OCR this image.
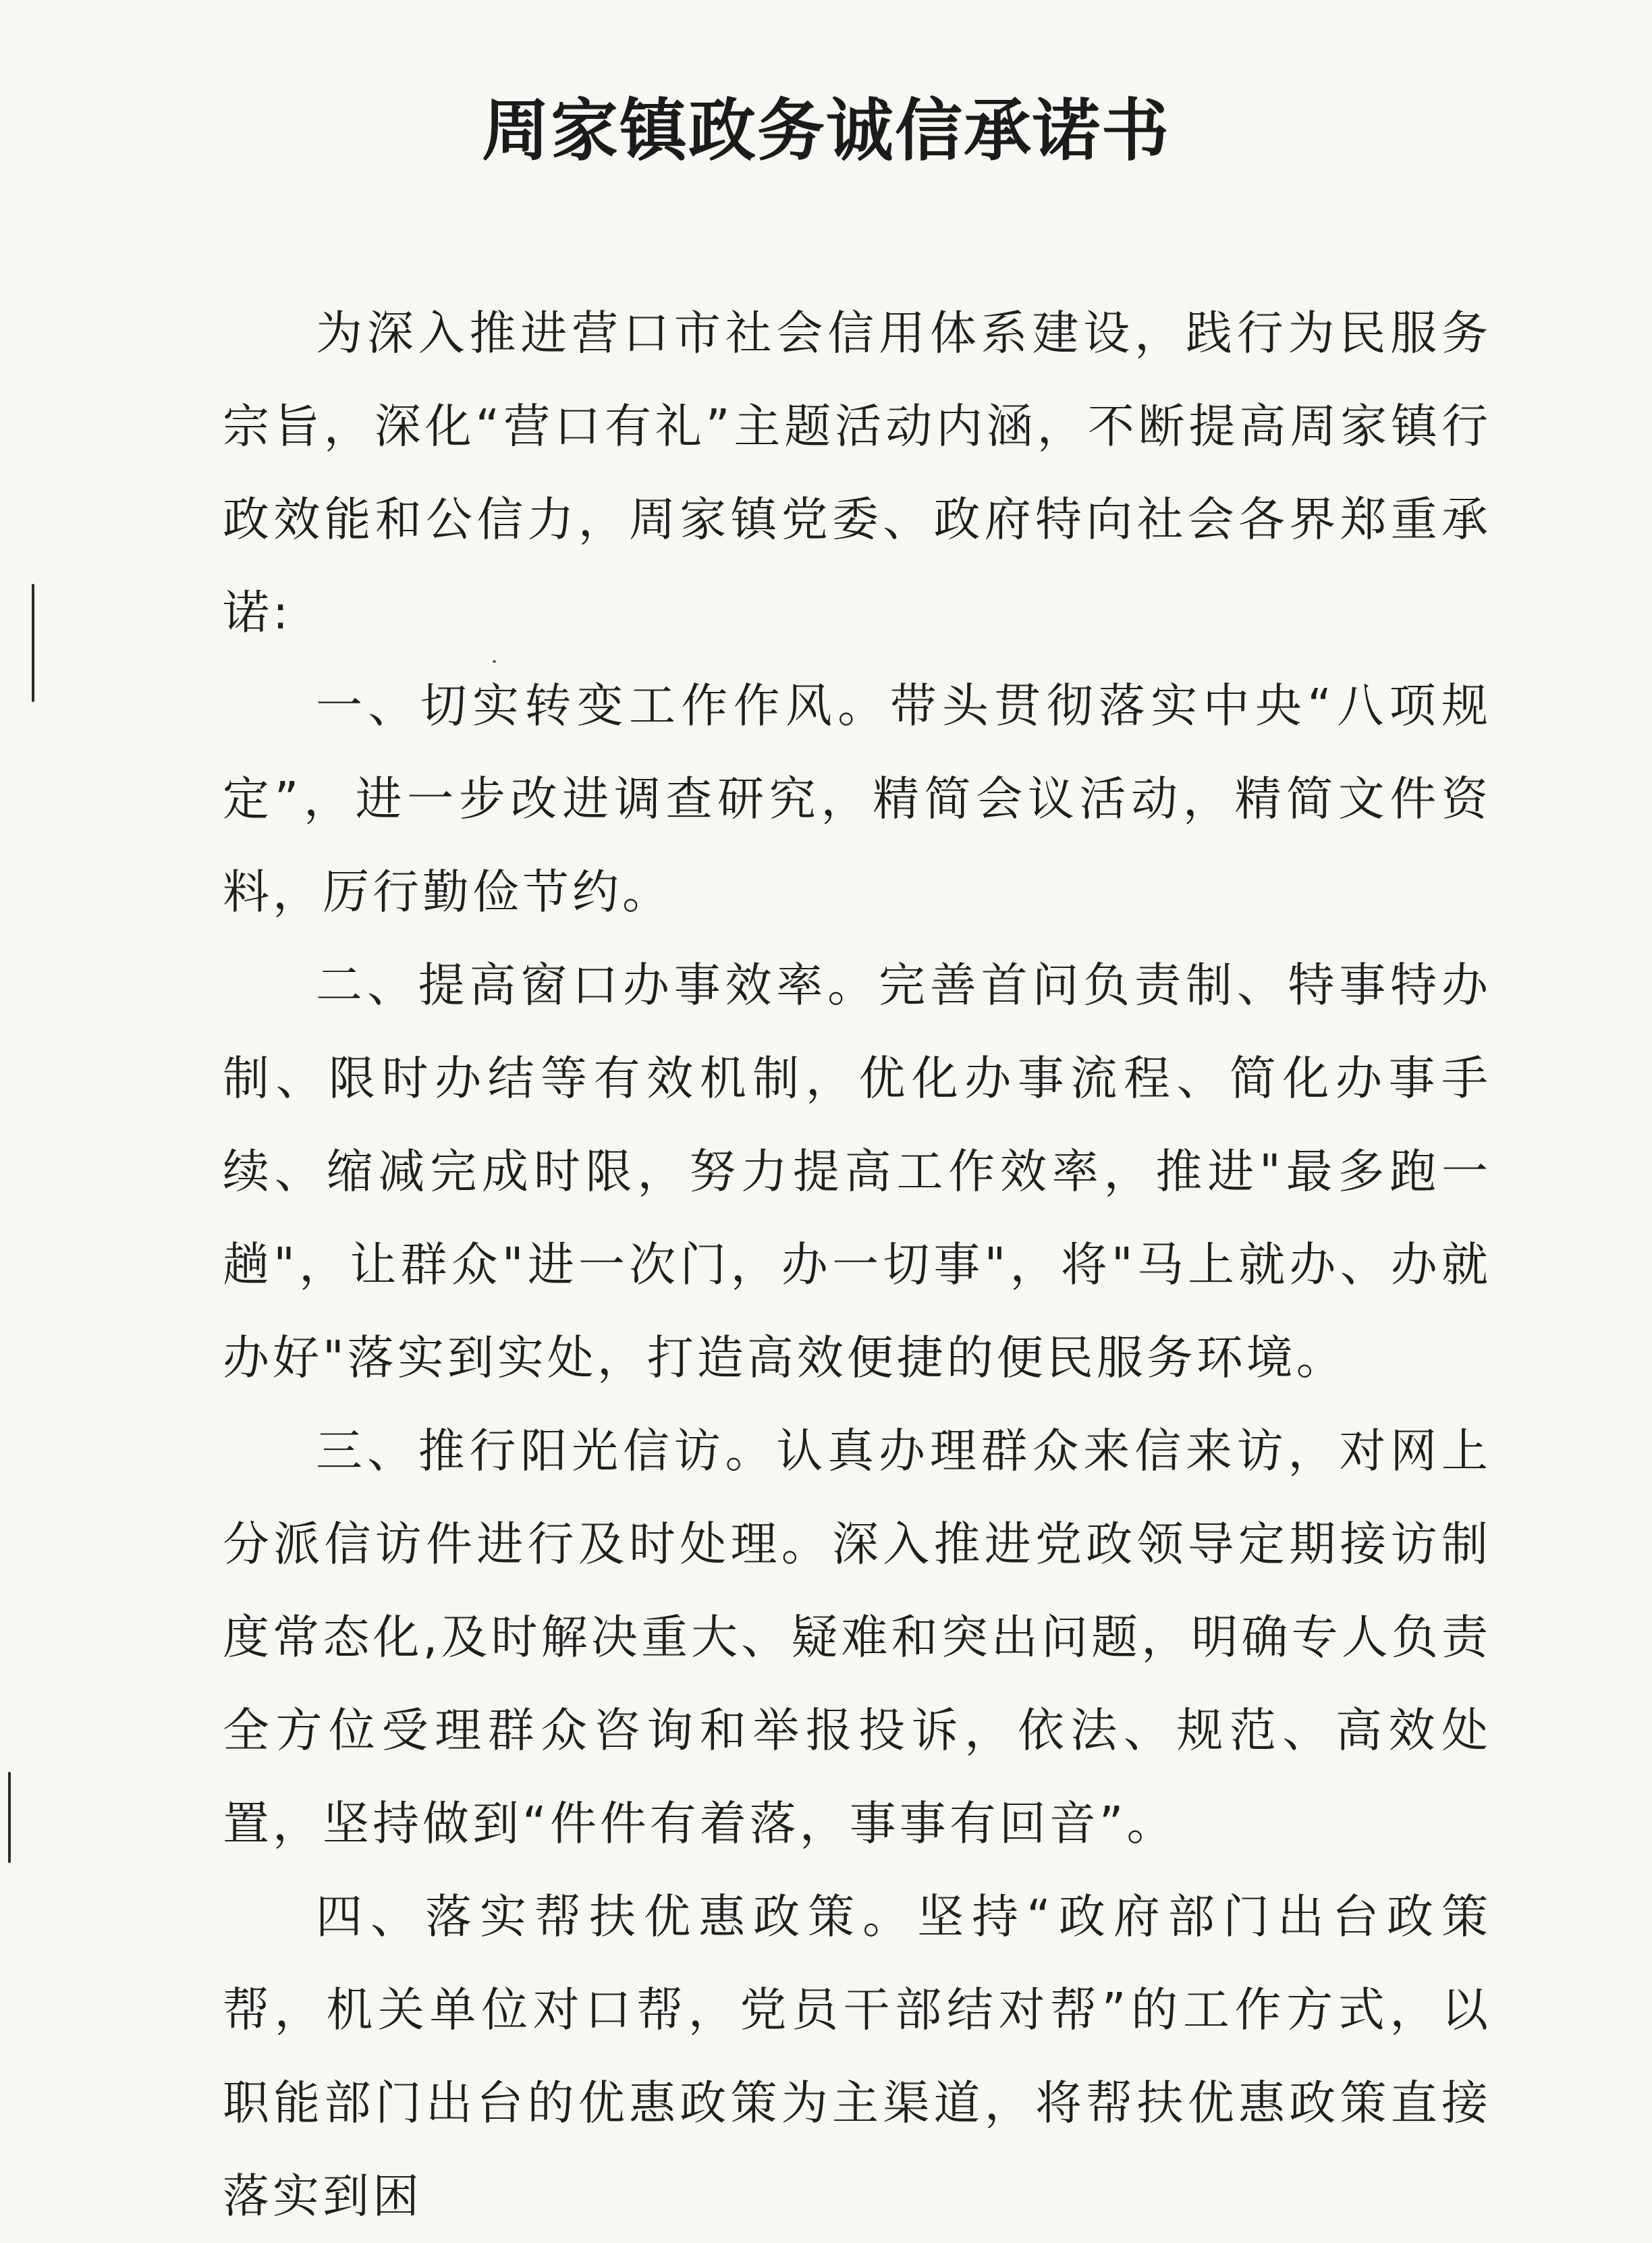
周家镇政务诚信承诺书

为深入推进营口市社会信用体系建设，践行为民服务宗旨，深化“营口有礼”主题活动内涵，不断提高周家镇行政效能和公信力，周家镇党委、政府特向社会各界郑重承诺:

一、切实转变工作作风。带头贯彻落实中央“八项规定”，进一步改进调查研究，精简会议活动，精简文件资料，厉行勤俭节约。

二、提高窗口办事效率。完善首问负责制、特事特办制、限时办结等有效机制，优化办事流程、简化办事手续、缩减完成时限，努力提高工作效率，推进"最多跑一趟"，让群众"进一次门，办一切事"，将"马上就办、办就办好"落实到实处，打造高效便捷的便民服务环境。

三、推行阳光信访。认真办理群众来信来访，对网上分派信访件进行及时处理。深入推进党政领导定期接访制度常态化,及时解决重大、疑难和突出问题，明确专人负责全方位受理群众咨询和举报投诉，依法、规范、高效处置，坚持做到“件件有着落，事事有回音”。

四、落实帮扶优惠政策。坚持“政府部门出台政策帮，机关单位对口帮，党员干部结对帮”的工作方式，以职能部门出台的优惠政策为主渠道，将帮扶优惠政策直接落实到困
